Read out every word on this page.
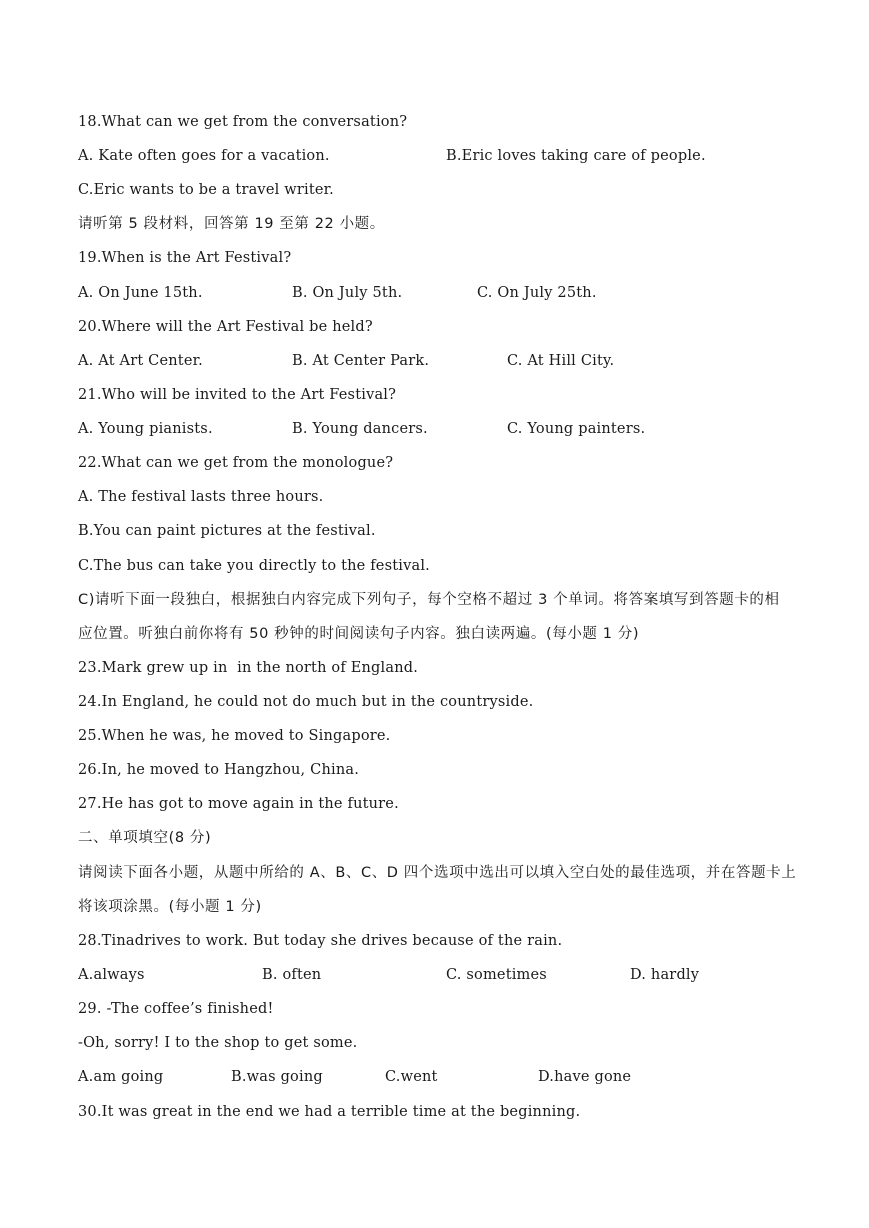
18.What can we get from the conversation?
A. Kate often goes for a vacation.	B.Eric loves taking care of people.
C.Eric wants to be a travel writer.
请听第 5 段材料，回答第 19 至第 22 小题。
19.When is the Art Festival?
A. On June 15th.	B. On July 5th.	C. On July 25th.
20.Where will the Art Festival be held?
A. At Art Center.	B. At Center Park.	C. At Hill City.
21.Who will be invited to the Art Festival?
A. Young pianists.	B. Young dancers.	C. Young painters.
22.What can we get from the monologue?
A. The festival lasts three hours.
B.You can paint pictures at the festival.
C.The bus can take you directly to the festival.
C)请听下面一段独白，根据独白内容完成下列句子，每个空格不超过 3 个单词。将答案填写到答题卡的相
应位置。听独白前你将有 50 秒钟的时间阅读句子内容。独白读两遍。(每小题 1 分)
23.Mark grew up in  in the north of England.
24.In England, he could not do much but in the countryside.
25.When he was, he moved to Singapore.
26.In, he moved to Hangzhou, China.
27.He has got to move again in the future.
二、单项填空(8 分)
请阅读下面各小题，从题中所给的 A、B、C、D 四个选项中选出可以填入空白处的最佳选项，并在答题卡上
将该项涂黑。(每小题 1 分)
28.Tinadrives to work. But today she drives because of the rain.
A.always	B. often	C. sometimes	D. hardly
29. -The coffee’s finished!
-Oh, sorry! I to the shop to get some.
A.am going	B.was going	C.went	D.have gone
30.It was great in the end we had a terrible time at the beginning.
